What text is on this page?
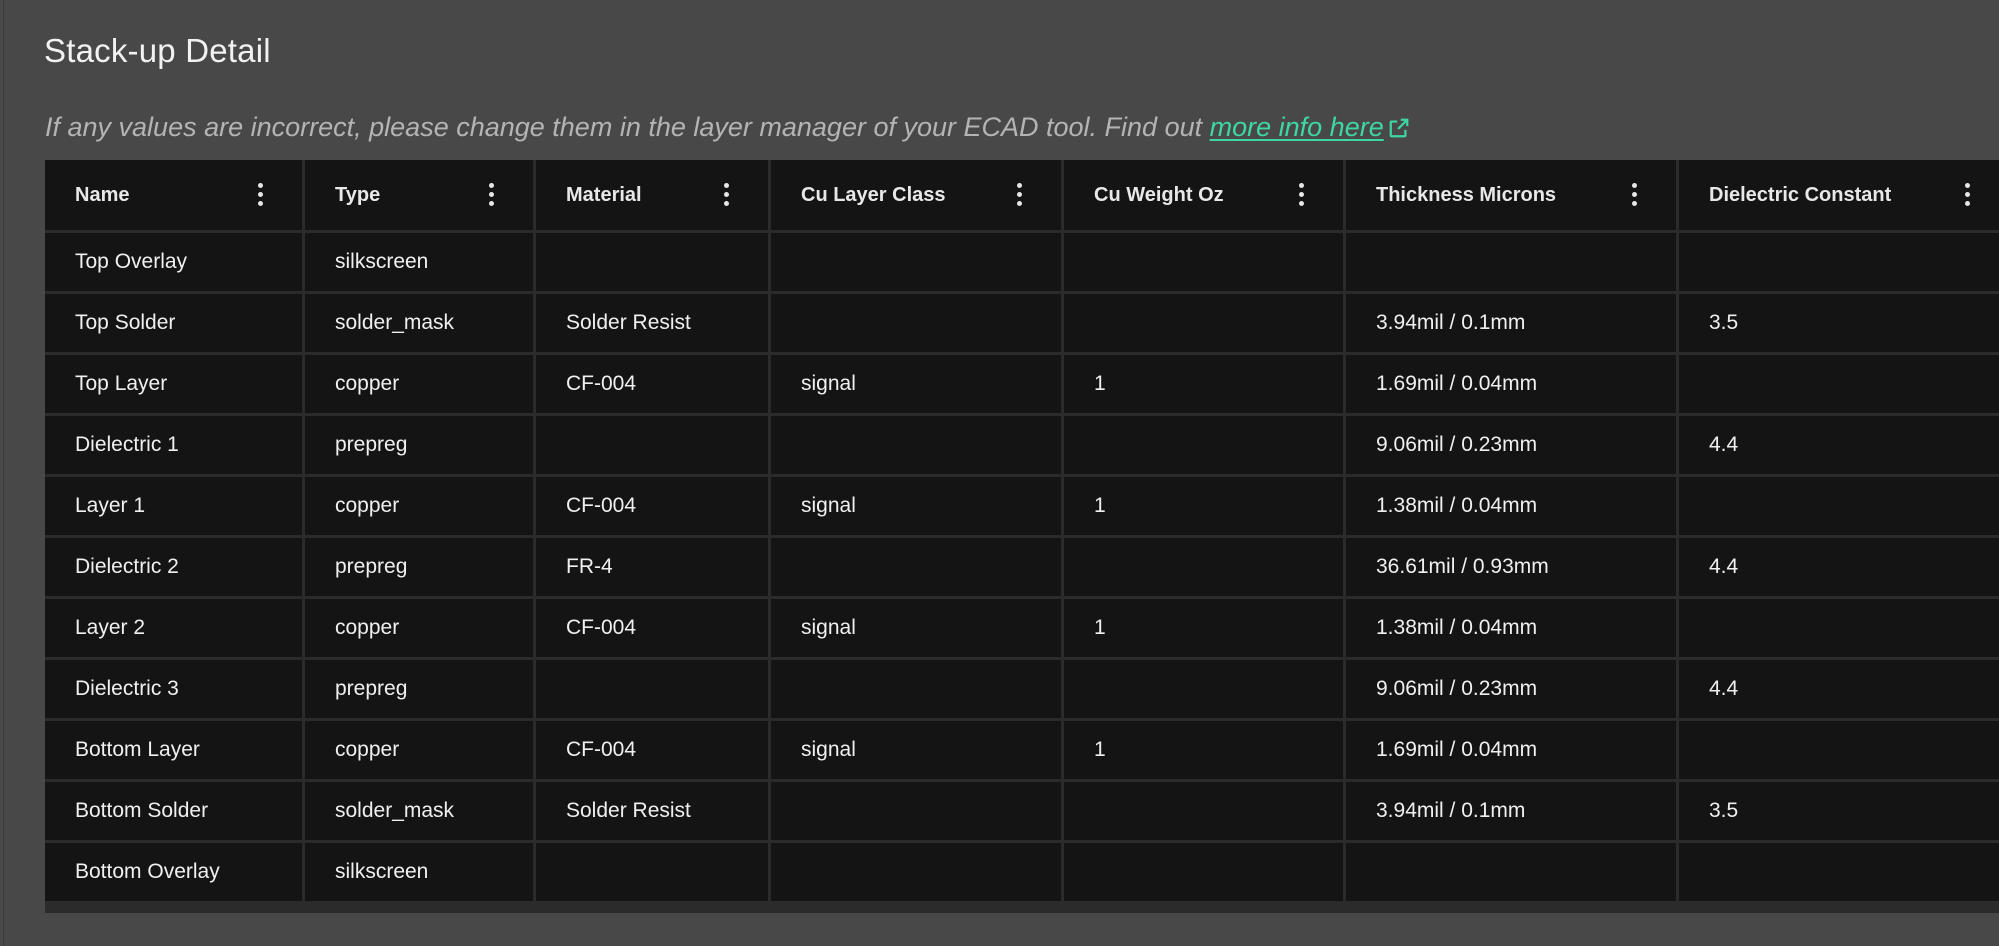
Stack-up Detail
If any values are incorrect, please change them in the layer manager of your ECAD tool. Find out more info here
Name	Type	Material	Cu Layer Class	Cu Weight Oz	Thickness Microns	Dielectric Constant

Top Overlay	silkscreen						
Top Solder	solder_mask	Solder Resist			3.94mil / 0.1mm	3.5	
Top Layer	copper	CF-004	signal	1	1.69mil / 0.04mm		
Dielectric 1	prepreg				9.06mil / 0.23mm	4.4	
Layer 1	copper	CF-004	signal	1	1.38mil / 0.04mm		
Dielectric 2	prepreg	FR-4			36.61mil / 0.93mm	4.4	
Layer 2	copper	CF-004	signal	1	1.38mil / 0.04mm		
Dielectric 3	prepreg				9.06mil / 0.23mm	4.4	
Bottom Layer	copper	CF-004	signal	1	1.69mil / 0.04mm		
Bottom Solder	solder_mask	Solder Resist			3.94mil / 0.1mm	3.5	
Bottom Overlay	silkscreen						
